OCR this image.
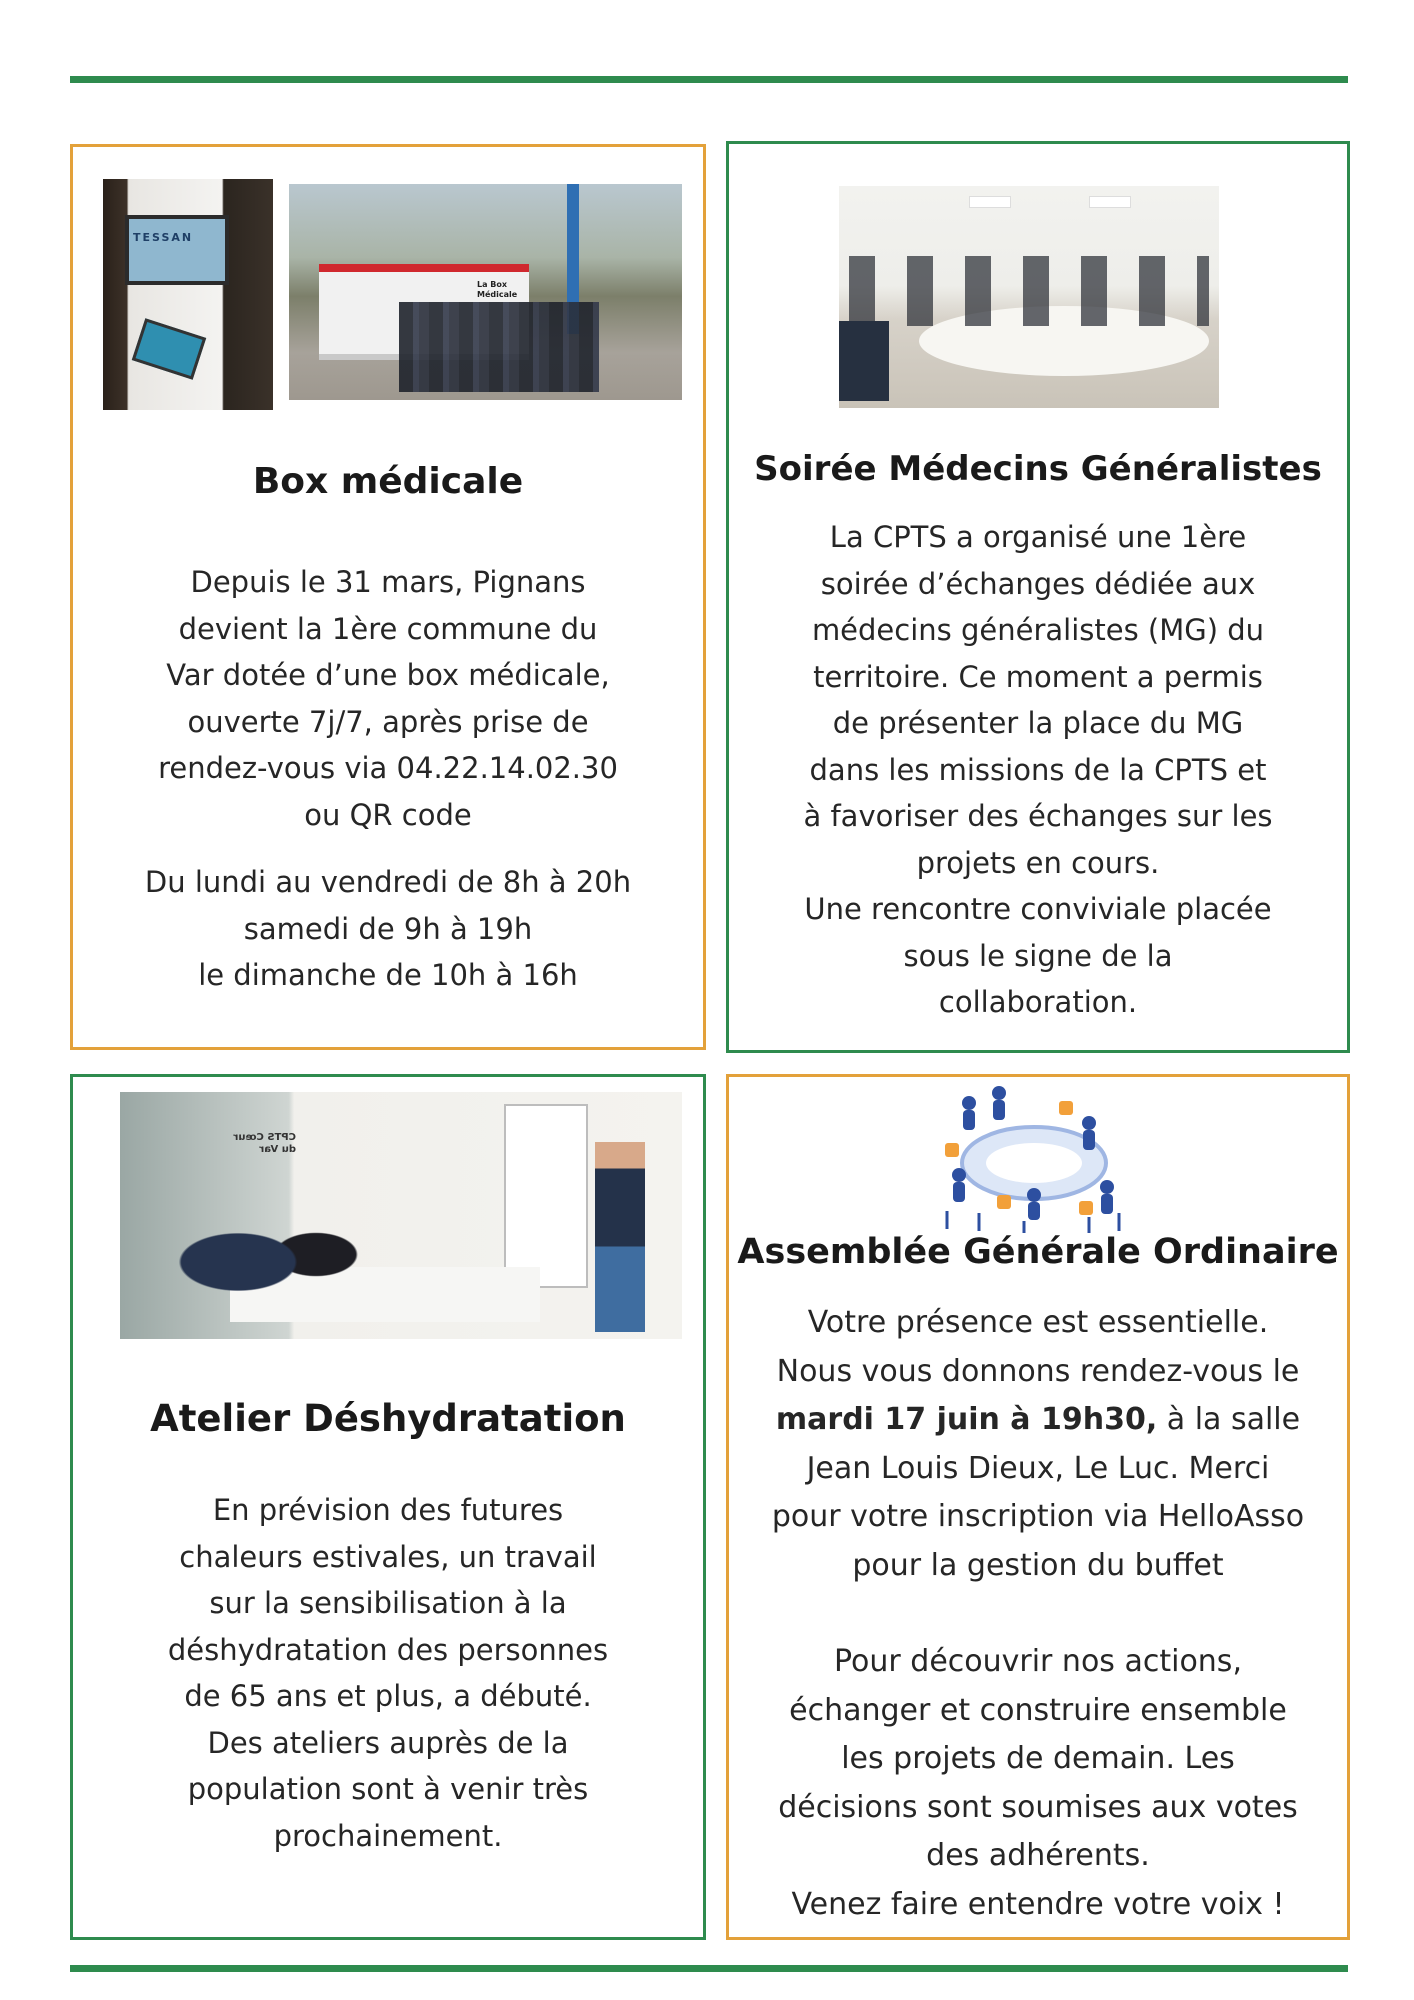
TESSAN
La Box Médicale
Box médicale

Depuis le 31 mars, Pignans

devient la 1ère commune du

Var dotée d’une box médicale,

ouverte 7j/7, après prise de

rendez-vous via 04.22.14.02.30

ou QR code

Du lundi au vendredi de 8h à 20h

samedi de 9h à 19h

le dimanche de 10h à 16h

Soirée Médecins Généralistes

La CPTS a organisé une 1ère

soirée d’échanges dédiée aux

médecins généralistes (MG) du

territoire. Ce moment a permis

de présenter la place du MG

dans les missions de la CPTS et

à favoriser des échanges sur les

projets en cours.

Une rencontre conviviale placée

sous le signe de la

collaboration.

CPTS Cœur du Var
Atelier Déshydratation

En prévision des futures

chaleurs estivales, un travail

sur la sensibilisation à la

déshydratation des personnes

de 65 ans et plus, a débuté.

Des ateliers auprès de la

population sont à venir très

prochainement.

Assemblée Générale Ordinaire

Votre présence est essentielle.

Nous vous donnons rendez-vous le

mardi 17 juin à 19h30, à la salle

Jean Louis Dieux, Le Luc. Merci

pour votre inscription via HelloAsso

pour la gestion du buffet

Pour découvrir nos actions,

échanger et construire ensemble

les projets de demain. Les

décisions sont soumises aux votes

des adhérents.

Venez faire entendre votre voix !
